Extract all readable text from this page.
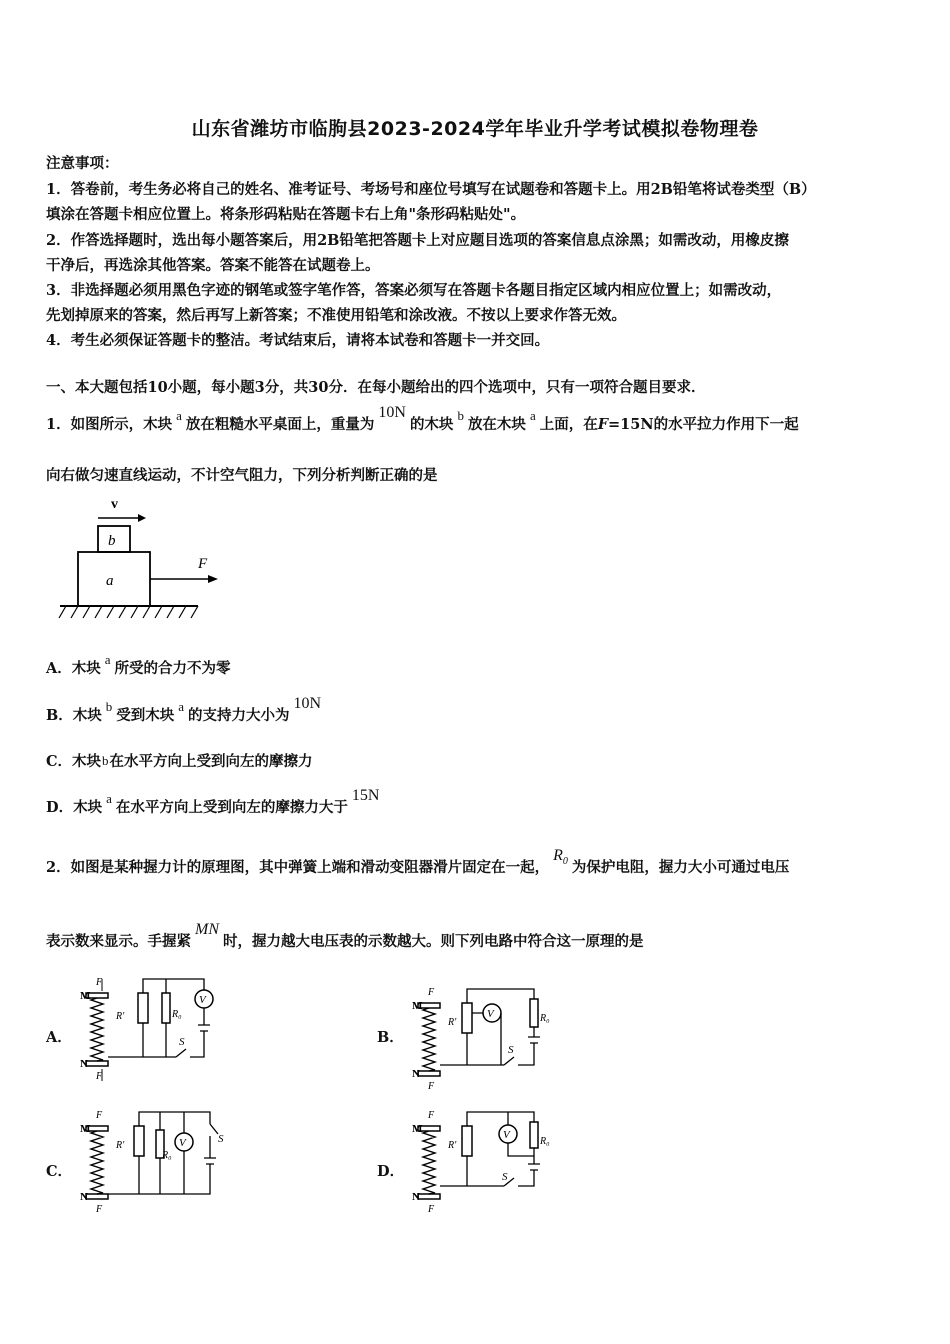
山东省潍坊市临朐县2023-2024学年毕业升学考试模拟卷物理卷
注意事项：
1．答卷前，考生务必将自己的姓名、准考证号、考场号和座位号填写在试题卷和答题卡上。用2B铅笔将试卷类型（B）
填涂在答题卡相应位置上。将条形码粘贴在答题卡右上角"条形码粘贴处"。
2．作答选择题时，选出每小题答案后，用2B铅笔把答题卡上对应题目选项的答案信息点涂黑；如需改动，用橡皮擦
干净后，再选涂其他答案。答案不能答在试题卷上。
3．非选择题必须用黑色字迹的钢笔或签字笔作答，答案必须写在答题卡各题目指定区域内相应位置上；如需改动，
先划掉原来的答案，然后再写上新答案；不准使用铅笔和涂改液。不按以上要求作答无效。
4．考生必须保证答题卡的整洁。考试结束后，请将本试卷和答题卡一并交回。
一、本大题包括10小题，每小题3分，共30分．在每小题给出的四个选项中，只有一项符合题目要求．
1．如图所示，木块a放在粗糙水平桌面上，重量为10N的木块b放在木块a上面，在F=15N的水平拉力作用下一起
向右做匀速直线运动，不计空气阻力，下列分析判断正确的是
v
b
a
F
A．木块a所受的合力不为零
B．木块b受到木块a的支持力大小为10N
C．木块b在水平方向上受到向左的摩擦力
D．木块a在水平方向上受到向左的摩擦力大于15N
2．如图是某种握力计的原理图，其中弹簧上端和滑动变阻器滑片固定在一起，$R_0$ 为保护电阻，握力大小可通过电压
表示数来显示。手握紧MN时，握力越大电压表的示数越大。则下列电路中符合这一原理的是
A．	B．
C．	D．
M
N
F
F
R'	R₀
V
S
M
N
F
F
R'
V	R₀
S
M
N
F
F
R'
R₀
V	S
M
N
F
F
R'
V
R₀
S
